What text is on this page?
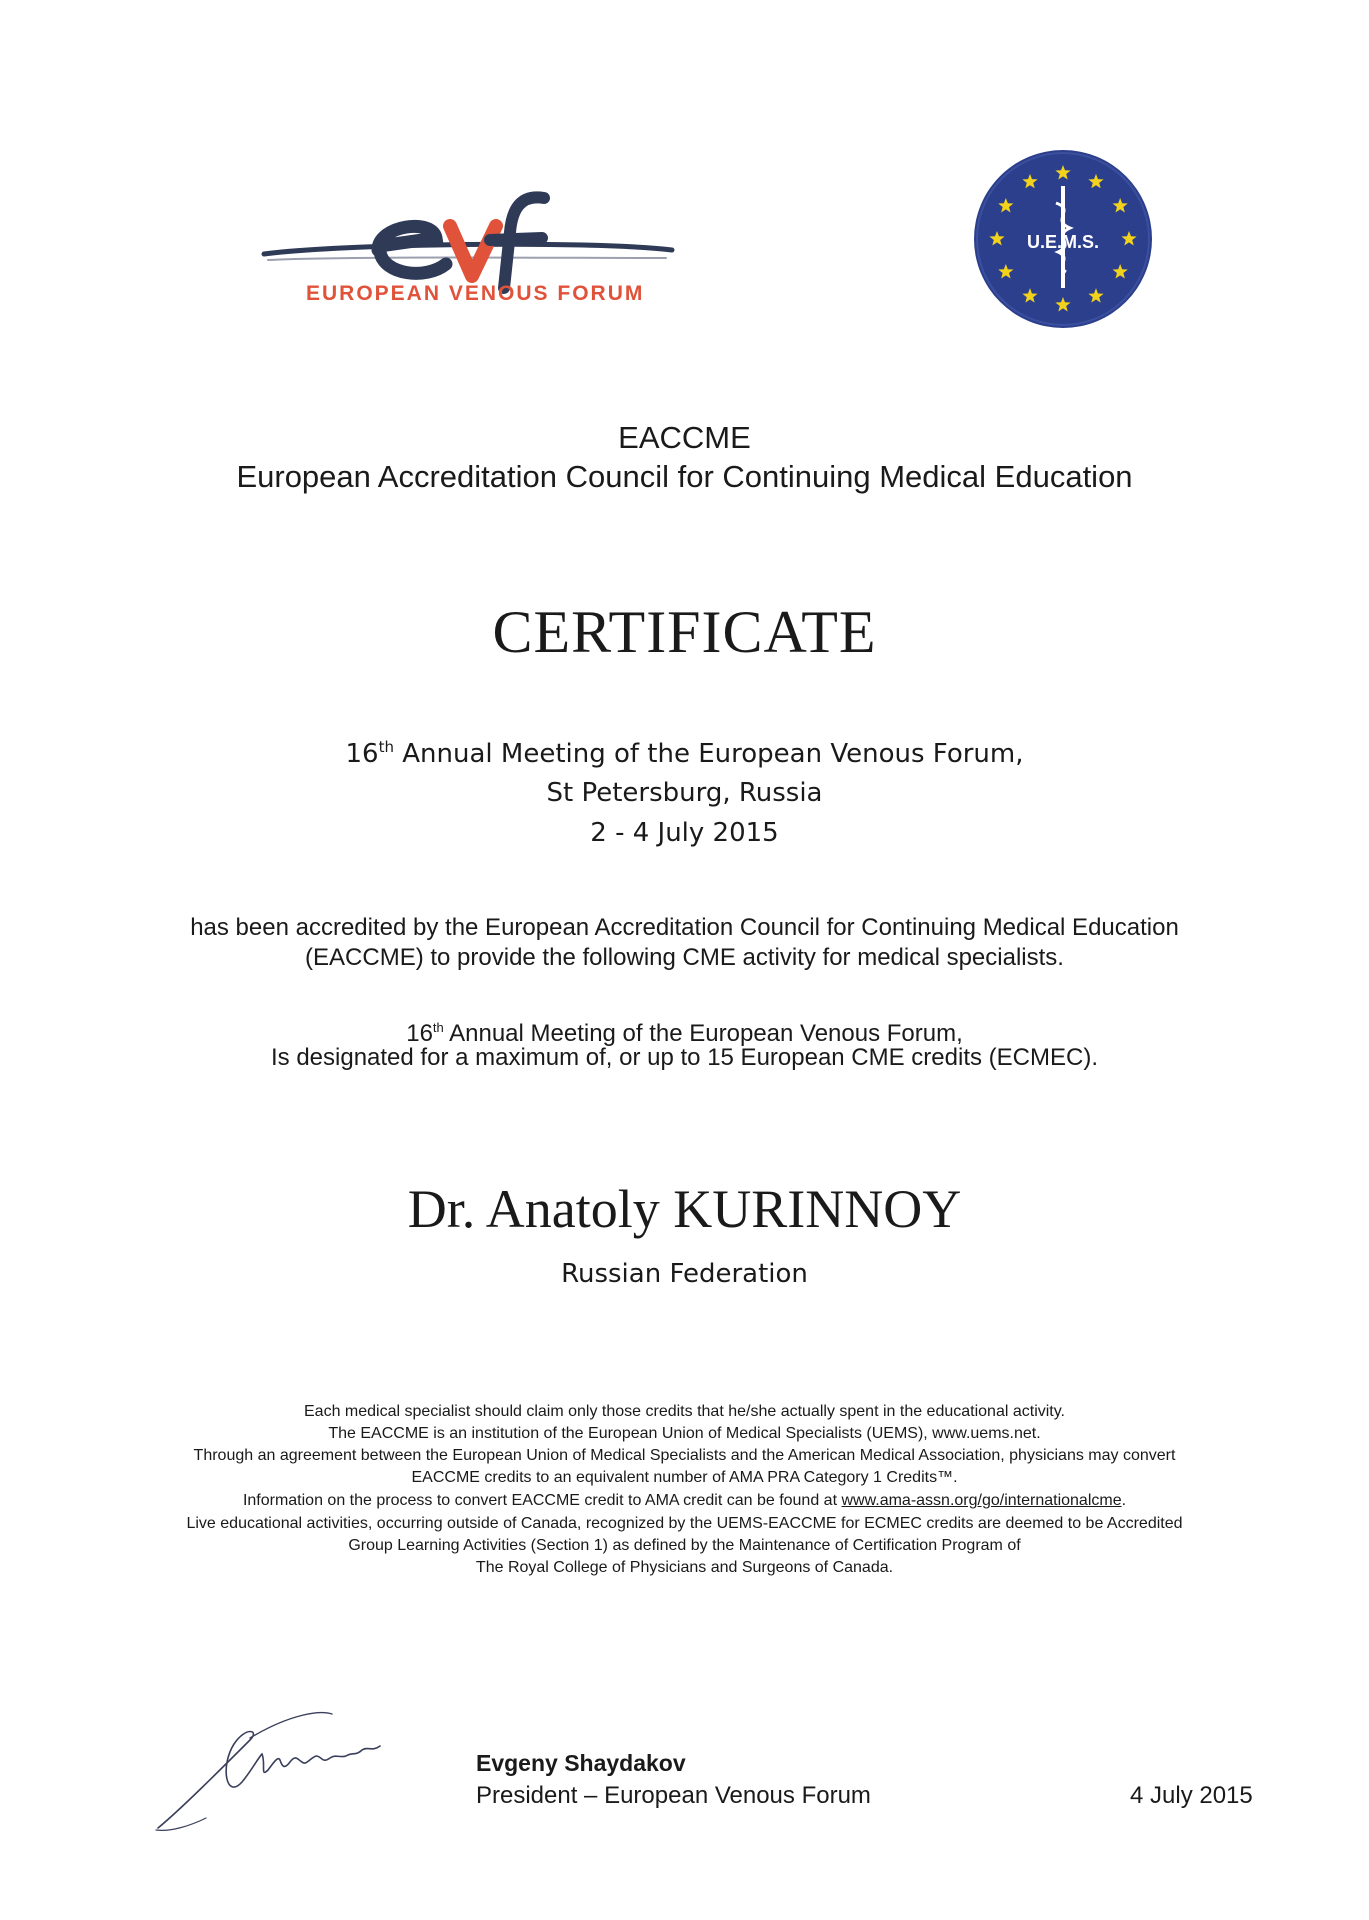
EUROPEAN VENOUS FORUM
U.E.M.S.
EACCME
European Accreditation Council for Continuing Medical Education
CERTIFICATE
16th Annual Meeting of the European Venous Forum,
St Petersburg, Russia
2 - 4 July 2015
has been accredited by the European Accreditation Council for Continuing Medical Education
(EACCME) to provide the following CME activity for medical specialists.
16th Annual Meeting of the European Venous Forum,
Is designated for a maximum of, or up to 15 European CME credits (ECMEC).
Dr. Anatoly KURINNOY
Russian Federation
Each medical specialist should claim only those credits that he/she actually spent in the educational activity.
The EACCME is an institution of the European Union of Medical Specialists (UEMS), www.uems.net.
Through an agreement between the European Union of Medical Specialists and the American Medical Association, physicians may convert
EACCME credits to an equivalent number of AMA PRA Category 1 Credits™.
Information on the process to convert EACCME credit to AMA credit can be found at www.ama-assn.org/go/internationalcme.
Live educational activities, occurring outside of Canada, recognized by the UEMS-EACCME for ECMEC credits are deemed to be Accredited
Group Learning Activities (Section 1) as defined by the Maintenance of Certification Program of
The Royal College of Physicians and Surgeons of Canada.
Evgeny Shaydakov
President – European Venous Forum	4 July 2015
